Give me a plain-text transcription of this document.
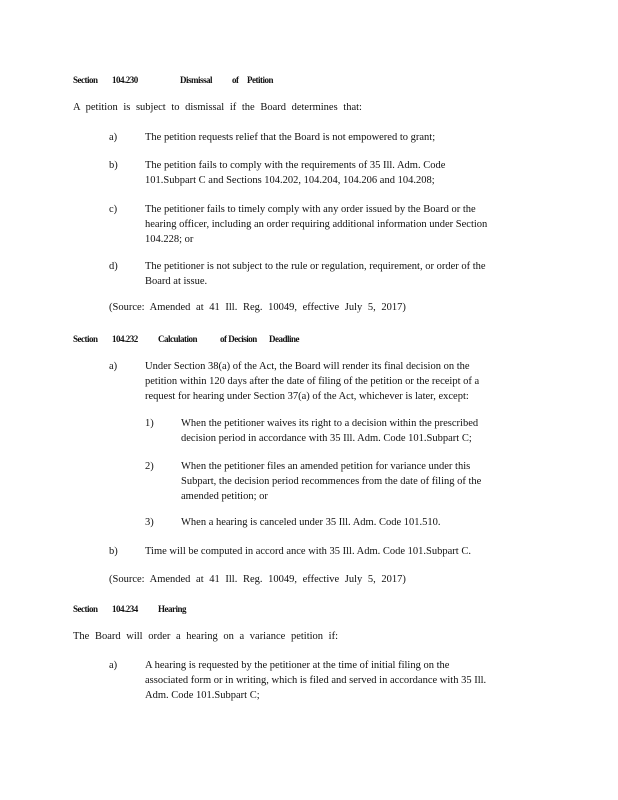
Section 104.230	Dismissal of Petition
A petition is subject to dismissal if the Board determines that:
a)	The petition requests relief that the Board is not empowered to grant;
b)	The petition fails to comply with the requirements of 35 Ill. Adm. Code
101.Subpart C and Sections 104.202, 104.204, 104.206 and 104.208;
c)	The petitioner fails to timely comply with any order issued by the Board or the
hearing officer, including an order requiring additional information under Section
104.228; or
d)	The petitioner is not subject to the rule or regulation, requirement, or order of the
Board at issue.
(Source: Amended at 41 Ill. Reg. 10049, effective July 5, 2017)
Section 104.232 Calculation	of Decision Deadline
a)	Under Section 38(a) of the Act, the Board will render its final decision on the
petition within 120 days after the date of filing of the petition or the receipt of a
request for hearing under Section 37(a) of the Act, whichever is later, except:
1)	When the petitioner waives its right to a decision within the prescribed
decision period in accordance with 35 Ill. Adm. Code 101.Subpart C;
2)	When the petitioner files an amended petition for variance under this
Subpart, the decision period recommences from the date of filing of the
amended petition; or
3)	When a hearing is canceled under 35 Ill. Adm. Code 101.510.
b)	Time will be computed in accord ance with 35 Ill. Adm. Code 101.Subpart C.
(Source: Amended at 41 Ill. Reg. 10049, effective July 5, 2017)
Section 104.234 Hearing
The Board will order a hearing on a variance petition if:
a)	A hearing is requested by the petitioner at the time of initial filing on the
associated form or in writing, which is filed and served in accordance with 35 Ill.
Adm. Code 101.Subpart C;
